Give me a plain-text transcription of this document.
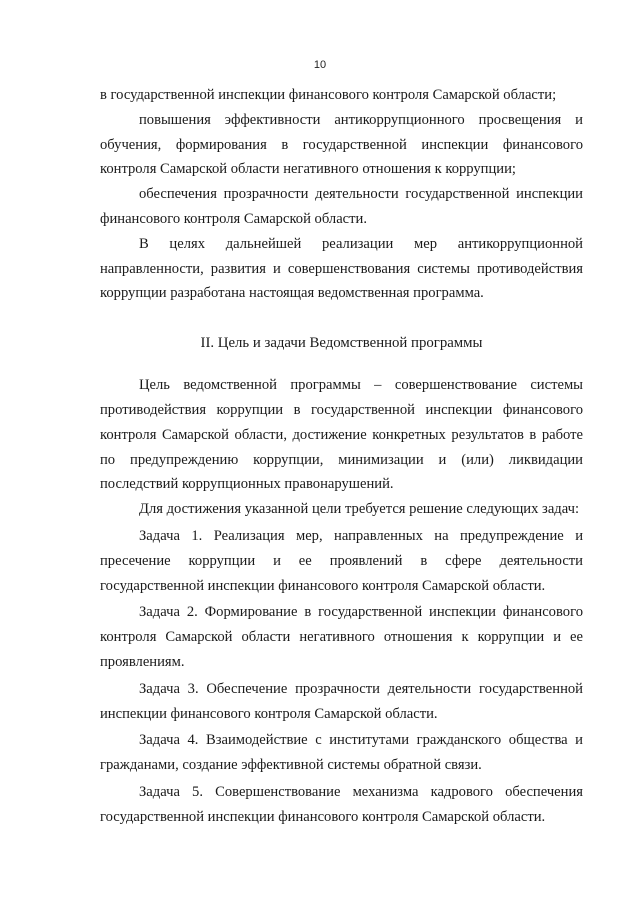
10

в государственной инспекции финансового контроля Самарской области;

повышения эффективности антикоррупционного просвещения и обучения, формирования в государственной инспекции финансового контроля Самарской области негативного отношения к коррупции;

обеспечения прозрачности деятельности государственной инспекции финансового контроля Самарской области.

В целях дальнейшей реализации мер антикоррупционной направленности, развития и совершенствования системы противодействия коррупции разработана настоящая ведомственная программа.

II. Цель и задачи Ведомственной программы

Цель ведомственной программы – совершенствование системы противодействия коррупции в государственной инспекции финансового контроля Самарской области, достижение конкретных результатов в работе по предупреждению коррупции, минимизации и (или) ликвидации последствий коррупционных правонарушений.

Для достижения указанной цели требуется решение следующих задач:

Задача 1. Реализация мер, направленных на предупреждение и пресечение коррупции и ее проявлений в сфере деятельности государственной инспекции финансового контроля Самарской области.

Задача 2. Формирование в государственной инспекции финансового контроля Самарской области негативного отношения к коррупции и ее проявлениям.

Задача 3. Обеспечение прозрачности деятельности государственной инспекции финансового контроля Самарской области.

Задача 4. Взаимодействие с институтами гражданского общества и гражданами, создание эффективной системы обратной связи.

Задача 5. Совершенствование механизма кадрового обеспечения государственной инспекции финансового контроля Самарской области.
